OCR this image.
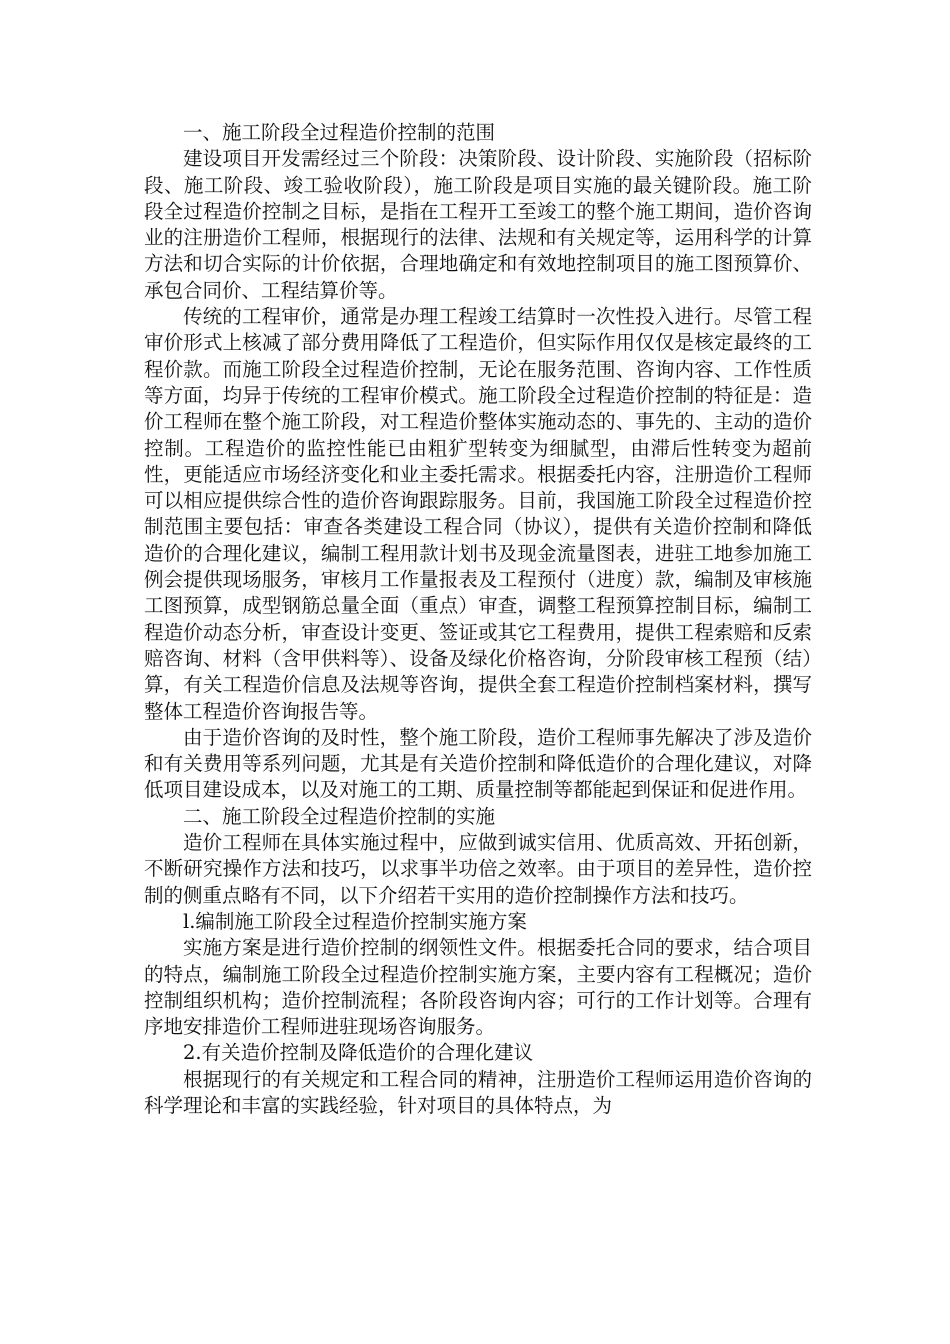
一、施工阶段全过程造价控制的范围

建设项目开发需经过三个阶段：决策阶段、设计阶段、实施阶段（招标阶段、施工阶段、竣工验收阶段），施工阶段是项目实施的最关键阶段。施工阶段全过程造价控制之目标，是指在工程开工至竣工的整个施工期间，造价咨询业的注册造价工程师，根据现行的法律、法规和有关规定等，运用科学的计算方法和切合实际的计价依据，合理地确定和有效地控制项目的施工图预算价、承包合同价、工程结算价等。

传统的工程审价，通常是办理工程竣工结算时一次性投入进行。尽管工程审价形式上核减了部分费用降低了工程造价，但实际作用仅仅是核定最终的工程价款。而施工阶段全过程造价控制，无论在服务范围、咨询内容、工作性质等方面，均异于传统的工程审价模式。施工阶段全过程造价控制的特征是：造价工程师在整个施工阶段，对工程造价整体实施动态的、事先的、主动的造价控制。工程造价的监控性能已由粗犷型转变为细腻型，由滞后性转变为超前性，更能适应市场经济变化和业主委托需求。根据委托内容，注册造价工程师可以相应提供综合性的造价咨询跟踪服务。目前，我国施工阶段全过程造价控制范围主要包括：审查各类建设工程合同（协议），提供有关造价控制和降低造价的合理化建议，编制工程用款计划书及现金流量图表，进驻工地参加施工例会提供现场服务，审核月工作量报表及工程预付（进度）款，编制及审核施工图预算，成型钢筋总量全面（重点）审查，调整工程预算控制目标，编制工程造价动态分析，审查设计变更、签证或其它工程费用，提供工程索赔和反索赔咨询、材料（含甲供料等）、设备及绿化价格咨询，分阶段审核工程预（结）算，有关工程造价信息及法规等咨询，提供全套工程造价控制档案材料，撰写整体工程造价咨询报告等。

由于造价咨询的及时性，整个施工阶段，造价工程师事先解决了涉及造价和有关费用等系列问题，尤其是有关造价控制和降低造价的合理化建议，对降低项目建设成本，以及对施工的工期、质量控制等都能起到保证和促进作用。

二、施工阶段全过程造价控制的实施

造价工程师在具体实施过程中，应做到诚实信用、优质高效、开拓创新，不断研究操作方法和技巧，以求事半功倍之效率。由于项目的差异性，造价控制的侧重点略有不同，以下介绍若干实用的造价控制操作方法和技巧。

l.编制施工阶段全过程造价控制实施方案

实施方案是进行造价控制的纲领性文件。根据委托合同的要求，结合项目的特点，编制施工阶段全过程造价控制实施方案，主要内容有工程概况；造价控制组织机构；造价控制流程；各阶段咨询内容；可行的工作计划等。合理有序地安排造价工程师进驻现场咨询服务。

2.有关造价控制及降低造价的合理化建议

根据现行的有关规定和工程合同的精神，注册造价工程师运用造价咨询的科学理论和丰富的实践经验，针对项目的具体特点，为
